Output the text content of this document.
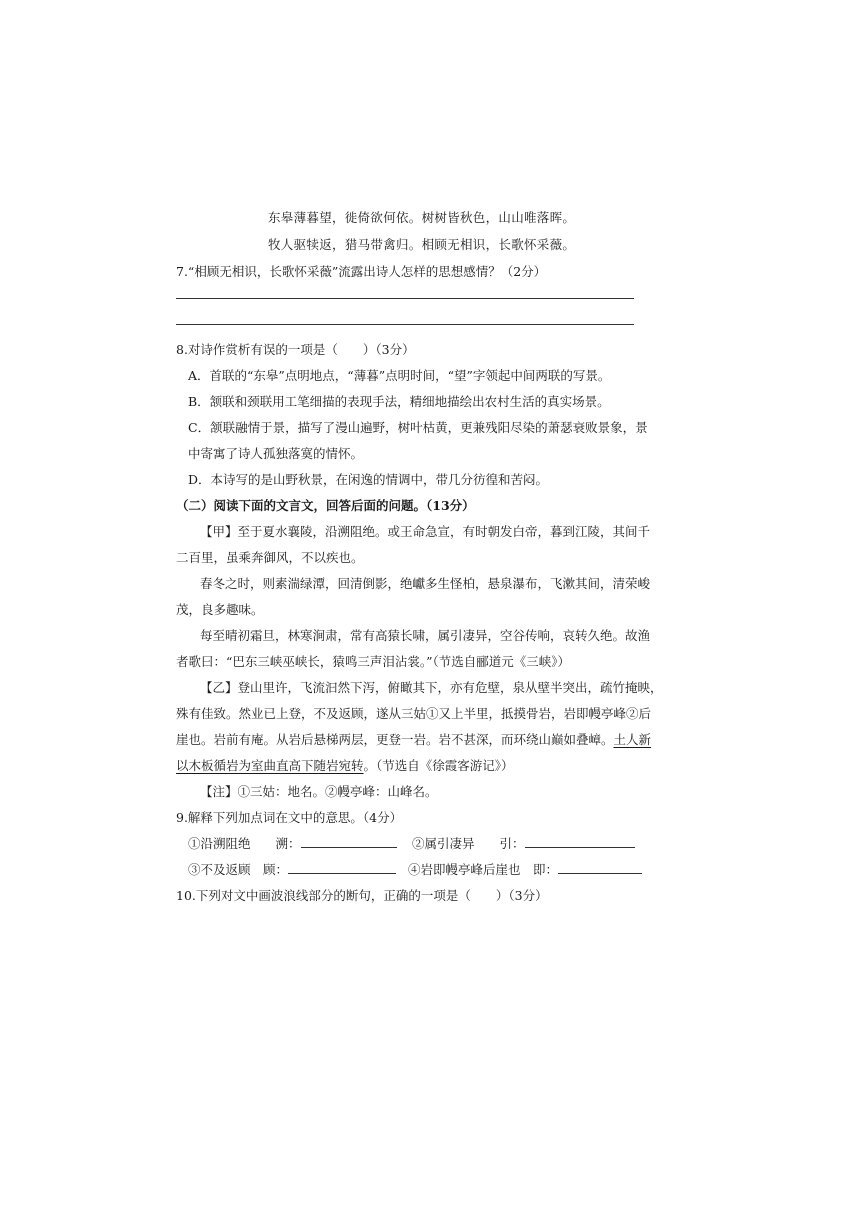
东皋薄暮望，徙倚欲何依。树树皆秋色，山山唯落晖。
牧人驱犊返，猎马带禽归。相顾无相识，长歌怀采薇。
7.“相顾无相识，长歌怀采薇”流露出诗人怎样的思想感情？（2分）
8.对诗作赏析有误的一项是（　　）（3分）
A．首联的“东皋”点明地点，“薄暮”点明时间，“望”字领起中间两联的写景。
B．颔联和颈联用工笔细描的表现手法，精细地描绘出农村生活的真实场景。
C．颔联融情于景，描写了漫山遍野，树叶枯黄，更兼残阳尽染的萧瑟衰败景象，景
中寄寓了诗人孤独落寞的情怀。
D．本诗写的是山野秋景，在闲逸的情调中，带几分彷徨和苦闷。
（二）阅读下面的文言文，回答后面的问题。（13分）
【甲】至于夏水襄陵，沿溯阻绝。或王命急宣，有时朝发白帝，暮到江陵，其间千
二百里，虽乘奔御风，不以疾也。
春冬之时，则素湍绿潭，回清倒影，绝巘多生怪柏，悬泉瀑布，飞漱其间，清荣峻
茂，良多趣味。
每至晴初霜旦，林寒涧肃，常有高猿长啸，属引凄异，空谷传响，哀转久绝。故渔
者歌曰：“巴东三峡巫峡长，猿鸣三声泪沾裳。”（节选自郦道元《三峡》）
【乙】登山里许，飞流汩然下泻，俯瞰其下，亦有危壁，泉从壁半突出，疏竹掩映，
殊有佳致。然业已上登，不及返顾，遂从三姑①又上半里，抵摸骨岩，岩即幔亭峰②后
崖也。岩前有庵。从岩后悬梯两层，更登一岩。岩不甚深，而环绕山巅如叠嶂。土人新
以木板循岩为室曲直高下随岩宛转。（节选自《徐霞客游记》）
【注】①三姑：地名。②幔亭峰：山峰名。
9.解释下列加点词在文中的意思。（4分）
①沿溯阻绝　　溯：	②属引凄异　　引：
③不及返顾　顾：	④岩即幔亭峰后崖也　即：
10.下列对文中画波浪线部分的断句，正确的一项是（　　）（3分）
